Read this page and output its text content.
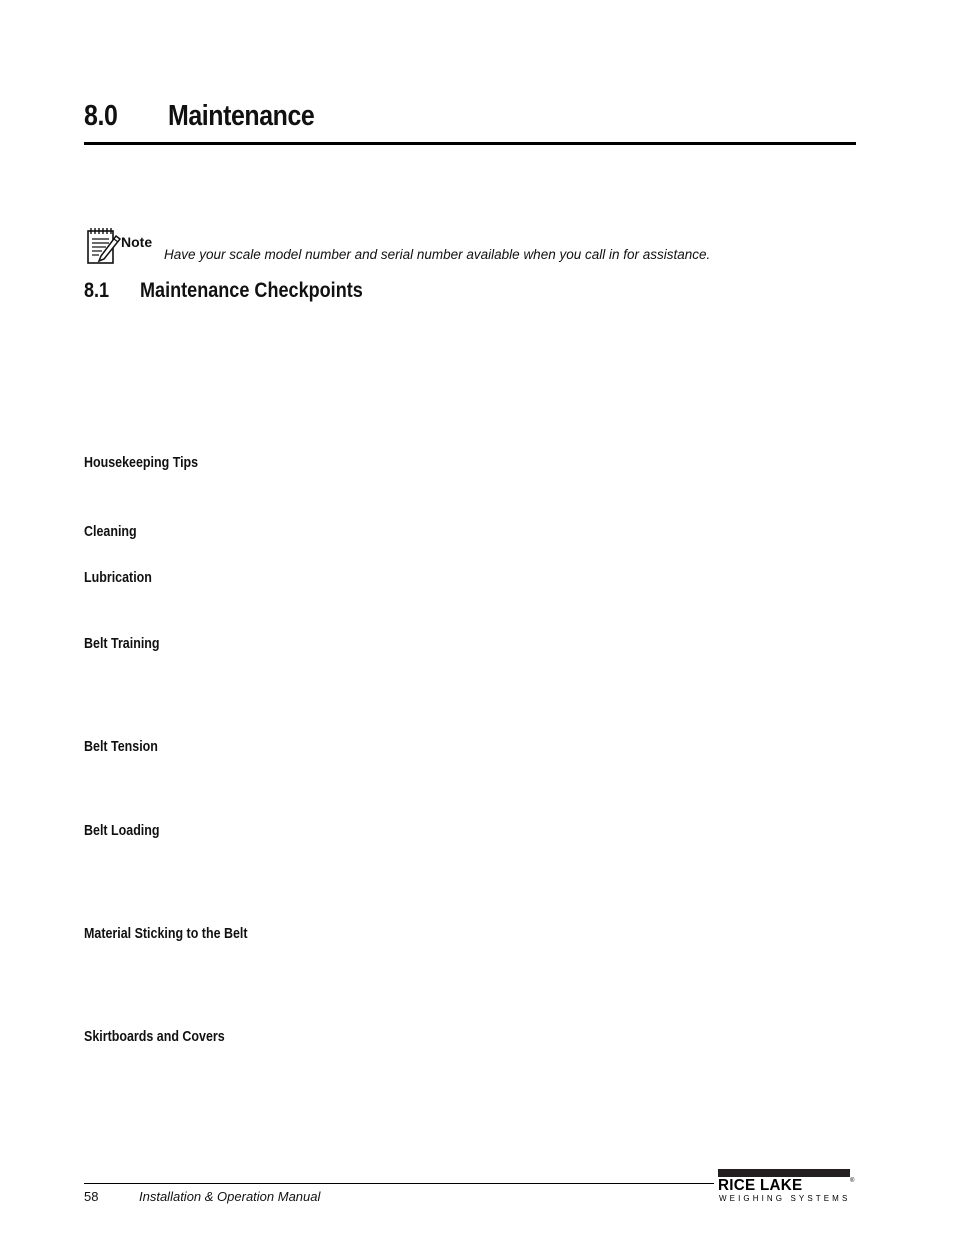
8.0 Maintenance
Note
Have your scale model number and serial number available when you call in for assistance.
8.1 Maintenance Checkpoints
Housekeeping Tips
Cleaning
Lubrication
Belt Training
Belt Tension
Belt Loading
Material Sticking to the Belt
Skirtboards and Covers
58	Installation & Operation Manual
RICE LAKE	®
WEIGHING SYSTEMS
